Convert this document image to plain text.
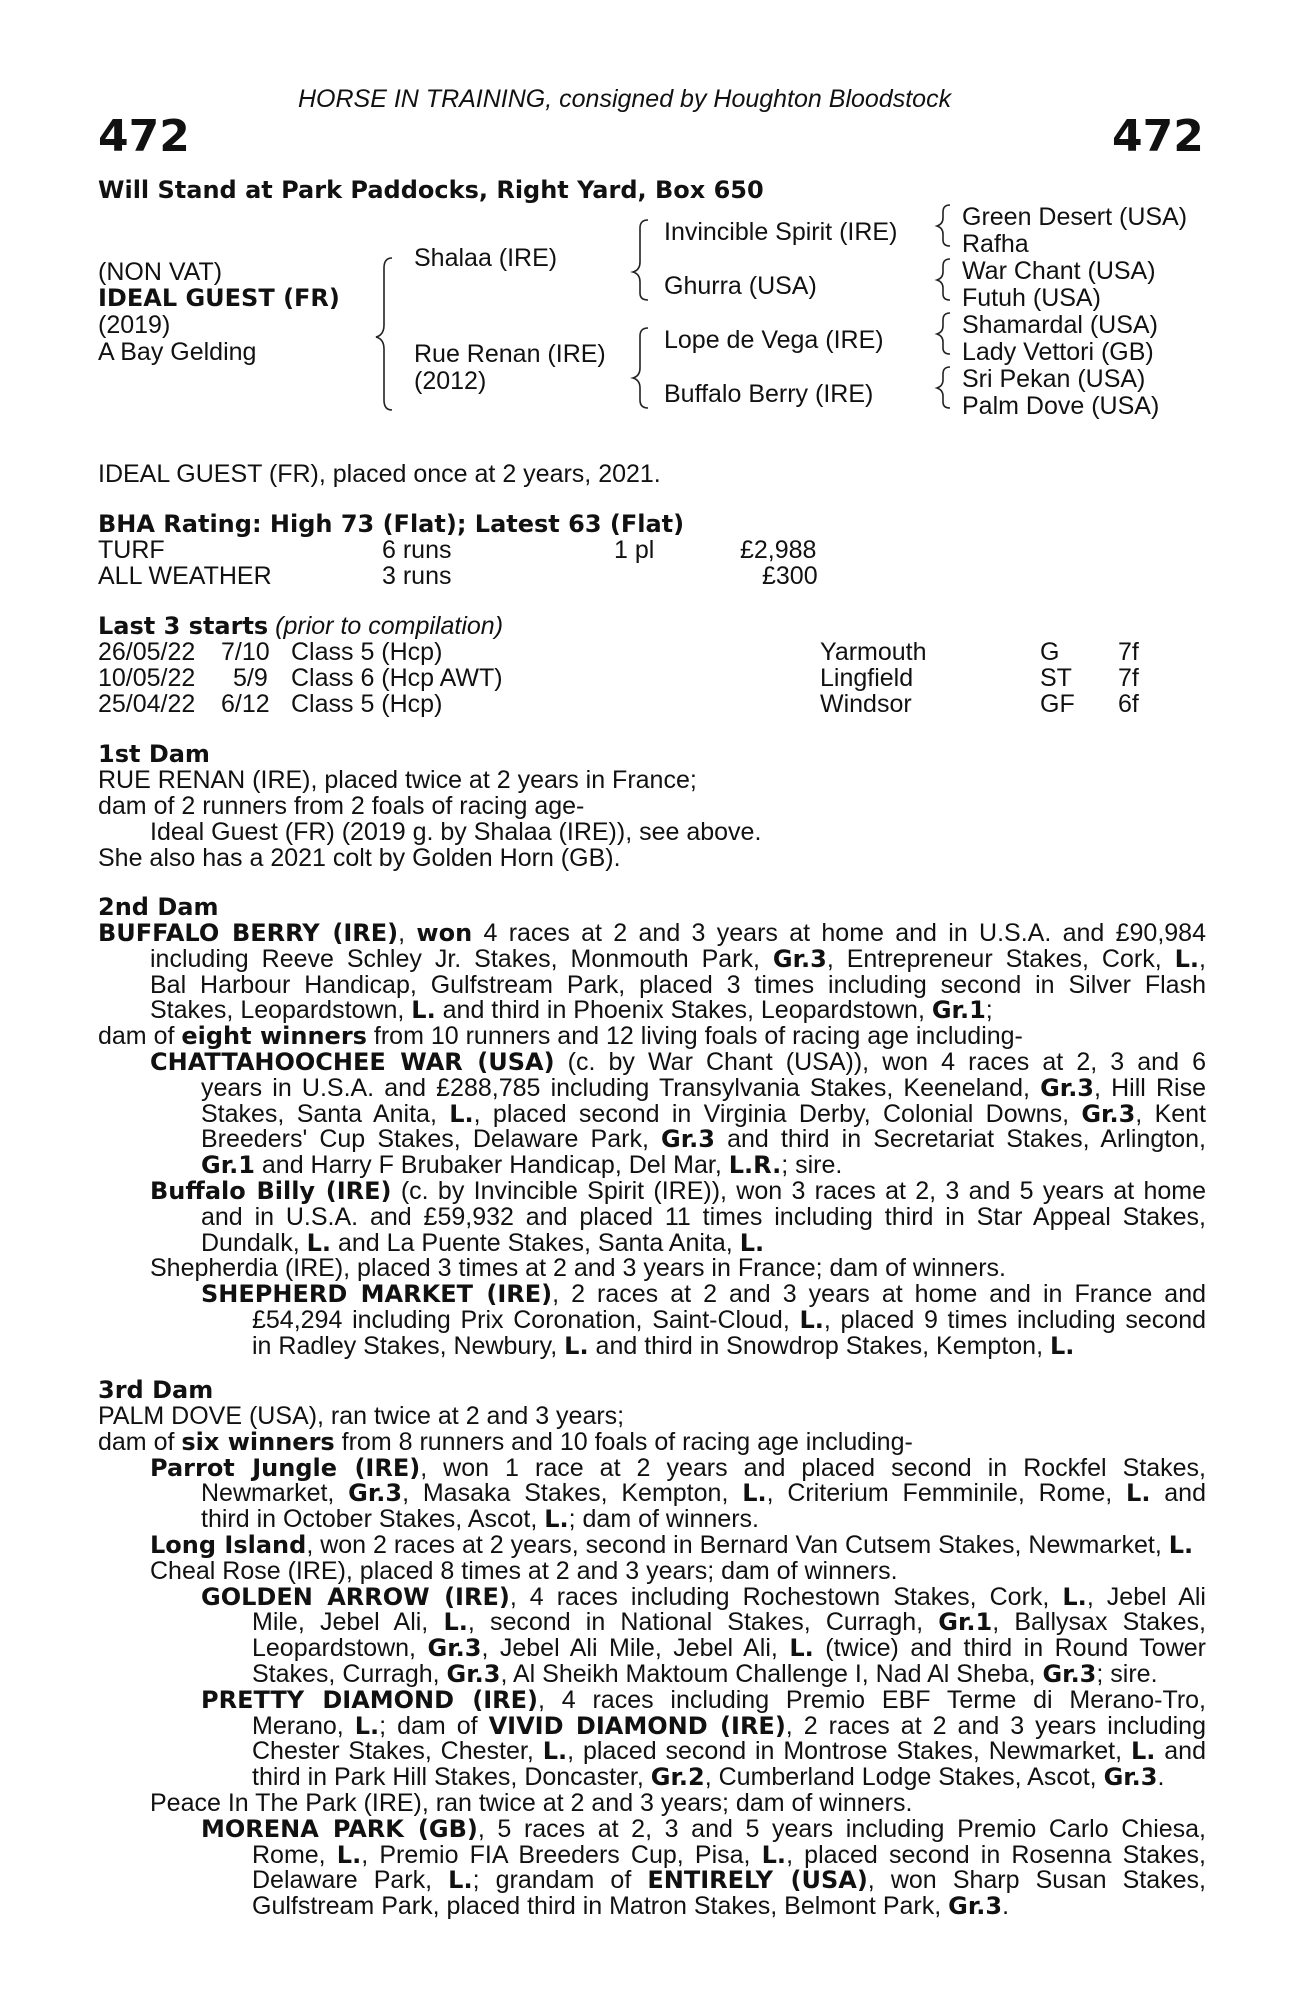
HORSE IN TRAINING, consigned by Houghton Bloodstock
472	472
Will Stand at Park Paddocks, Right Yard, Box 650
(NON VAT)
IDEAL GUEST (FR)
(2019)
A Bay Gelding
Shalaa (IRE)
Rue Renan (IRE)
(2012)
Invincible Spirit (IRE)
Ghurra (USA)
Lope de Vega (IRE)
Buffalo Berry (IRE)
Green Desert (USA)
Rafha
War Chant (USA)
Futuh (USA)
Shamardal (USA)
Lady Vettori (GB)
Sri Pekan (USA)
Palm Dove (USA)
IDEAL GUEST (FR), placed once at 2 years, 2021.
BHA Rating: High 73 (Flat); Latest 63 (Flat)
TURF	6 runs	1 pl	£2,988
ALL WEATHER	3 runs	£300
Last 3 starts (prior to compilation)
26/05/22 7/10 Class 5 (Hcp)	Yarmouth	G 7f
10/05/22 5/9 Class 6 (Hcp AWT)	Lingfield	ST 7f
25/04/22 6/12 Class 5 (Hcp)	Windsor	GF 6f
1st Dam
RUE RENAN (IRE), placed twice at 2 years in France;
dam of 2 runners from 2 foals of racing age-
Ideal Guest (FR) (2019 g. by Shalaa (IRE)), see above.
She also has a 2021 colt by Golden Horn (GB).
2nd Dam
BUFFALO BERRY (IRE), won 4 races at 2 and 3 years at home and in U.S.A. and £90,984
including Reeve Schley Jr. Stakes, Monmouth Park, Gr.3, Entrepreneur Stakes, Cork, L.,
Bal Harbour Handicap, Gulfstream Park, placed 3 times including second in Silver Flash
Stakes, Leopardstown, L. and third in Phoenix Stakes, Leopardstown, Gr.1;
dam of eight winners from 10 runners and 12 living foals of racing age including-
CHATTAHOOCHEE WAR (USA) (c. by War Chant (USA)), won 4 races at 2, 3 and 6
years in U.S.A. and £288,785 including Transylvania Stakes, Keeneland, Gr.3, Hill Rise
Stakes, Santa Anita, L., placed second in Virginia Derby, Colonial Downs, Gr.3, Kent
Breeders' Cup Stakes, Delaware Park, Gr.3 and third in Secretariat Stakes, Arlington,
Gr.1 and Harry F Brubaker Handicap, Del Mar, L.R.; sire.
Buffalo Billy (IRE) (c. by Invincible Spirit (IRE)), won 3 races at 2, 3 and 5 years at home
and in U.S.A. and £59,932 and placed 11 times including third in Star Appeal Stakes,
Dundalk, L. and La Puente Stakes, Santa Anita, L.
Shepherdia (IRE), placed 3 times at 2 and 3 years in France; dam of winners.
SHEPHERD MARKET (IRE), 2 races at 2 and 3 years at home and in France and
£54,294 including Prix Coronation, Saint-Cloud, L., placed 9 times including second
in Radley Stakes, Newbury, L. and third in Snowdrop Stakes, Kempton, L.
3rd Dam
PALM DOVE (USA), ran twice at 2 and 3 years;
dam of six winners from 8 runners and 10 foals of racing age including-
Parrot Jungle (IRE), won 1 race at 2 years and placed second in Rockfel Stakes,
Newmarket, Gr.3, Masaka Stakes, Kempton, L., Criterium Femminile, Rome, L. and
third in October Stakes, Ascot, L.; dam of winners.
Long Island, won 2 races at 2 years, second in Bernard Van Cutsem Stakes, Newmarket, L.
Cheal Rose (IRE), placed 8 times at 2 and 3 years; dam of winners.
GOLDEN ARROW (IRE), 4 races including Rochestown Stakes, Cork, L., Jebel Ali
Mile, Jebel Ali, L., second in National Stakes, Curragh, Gr.1, Ballysax Stakes,
Leopardstown, Gr.3, Jebel Ali Mile, Jebel Ali, L. (twice) and third in Round Tower
Stakes, Curragh, Gr.3, Al Sheikh Maktoum Challenge I, Nad Al Sheba, Gr.3; sire.
PRETTY DIAMOND (IRE), 4 races including Premio EBF Terme di Merano-Tro,
Merano, L.; dam of VIVID DIAMOND (IRE), 2 races at 2 and 3 years including
Chester Stakes, Chester, L., placed second in Montrose Stakes, Newmarket, L. and
third in Park Hill Stakes, Doncaster, Gr.2, Cumberland Lodge Stakes, Ascot, Gr.3.
Peace In The Park (IRE), ran twice at 2 and 3 years; dam of winners.
MORENA PARK (GB), 5 races at 2, 3 and 5 years including Premio Carlo Chiesa,
Rome, L., Premio FIA Breeders Cup, Pisa, L., placed second in Rosenna Stakes,
Delaware Park, L.; grandam of ENTIRELY (USA), won Sharp Susan Stakes,
Gulfstream Park, placed third in Matron Stakes, Belmont Park, Gr.3.
